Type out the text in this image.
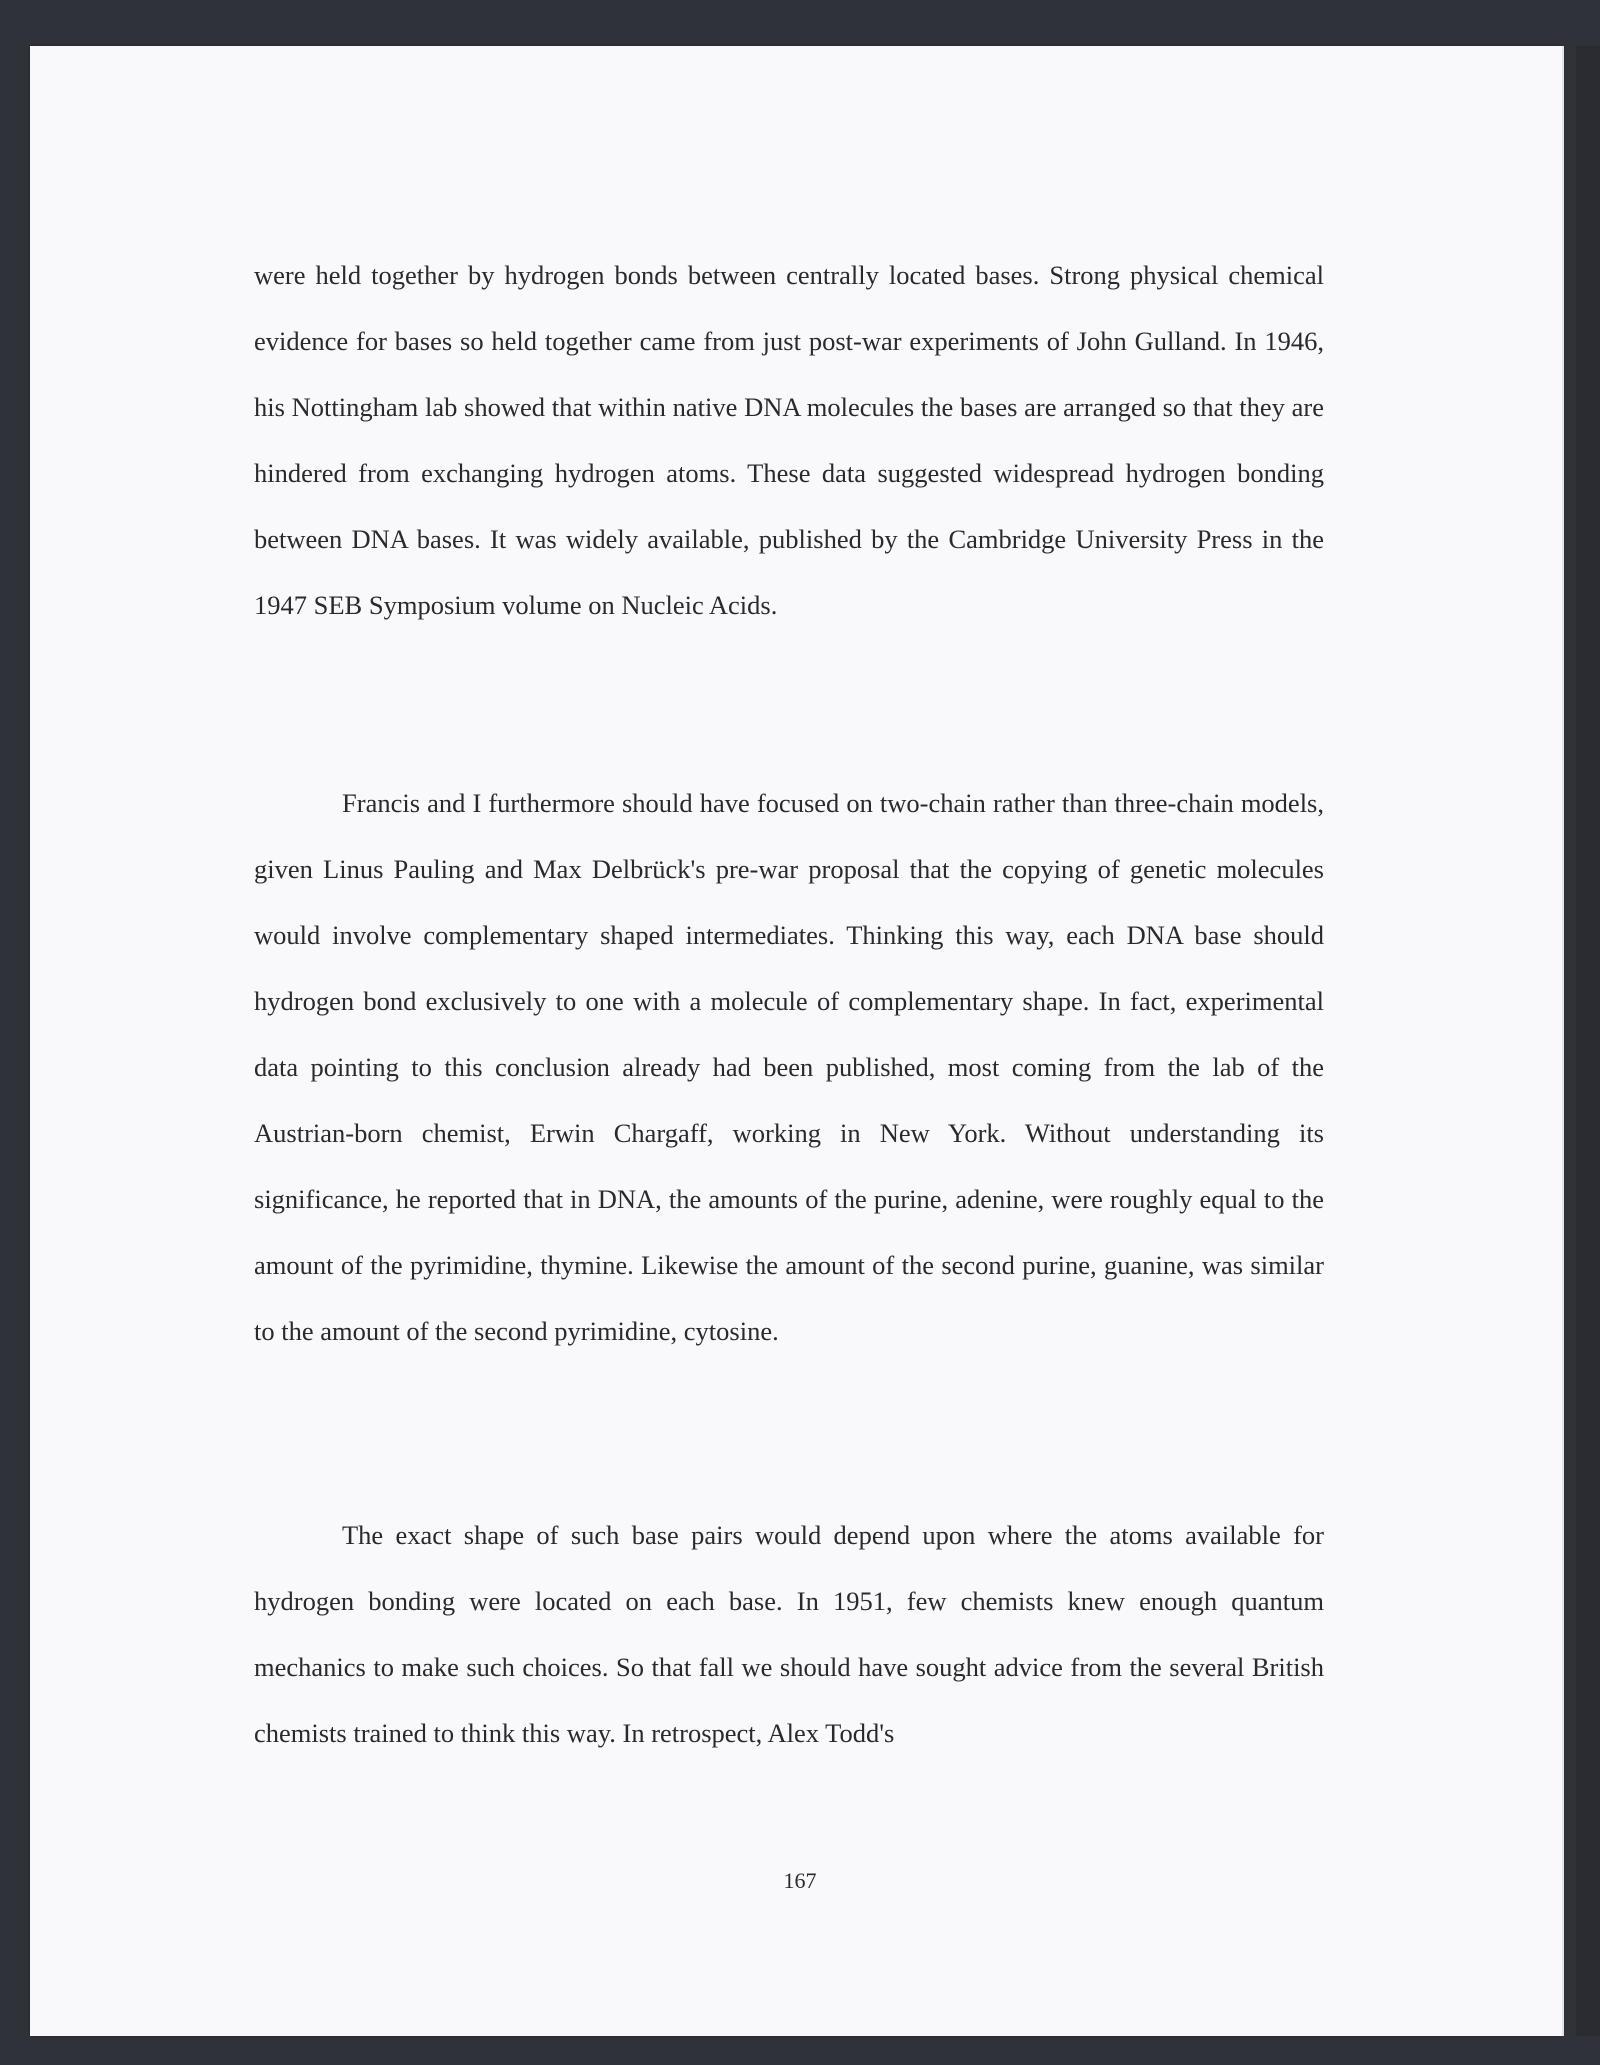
were held together by hydrogen bonds between centrally located bases. Strong physical chemical evidence for bases so held together came from just post-war experiments of John Gulland. In 1946, his Nottingham lab showed that within native DNA molecules the bases are arranged so that they are hindered from exchanging hydrogen atoms. These data suggested widespread hydrogen bonding between DNA bases. It was widely available, published by the Cambridge University Press in the 1947 SEB Symposium volume on Nucleic Acids.

Francis and I furthermore should have focused on two-chain rather than three-chain models, given Linus Pauling and Max Delbrück's pre-war proposal that the copying of genetic molecules would involve complementary shaped intermediates. Thinking this way, each DNA base should hydrogen bond exclusively to one with a molecule of complementary shape. In fact, experimental data pointing to this conclusion already had been published, most coming from the lab of the Austrian-born chemist, Erwin Chargaff, working in New York. Without understanding its significance, he reported that in DNA, the amounts of the purine, adenine, were roughly equal to the amount of the pyrimidine, thymine. Likewise the amount of the second purine, guanine, was similar to the amount of the second pyrimidine, cytosine.

The exact shape of such base pairs would depend upon where the atoms available for hydrogen bonding were located on each base. In 1951, few chemists knew enough quantum mechanics to make such choices. So that fall we should have sought advice from the several British chemists trained to think this way. In retrospect, Alex Todd's

167
